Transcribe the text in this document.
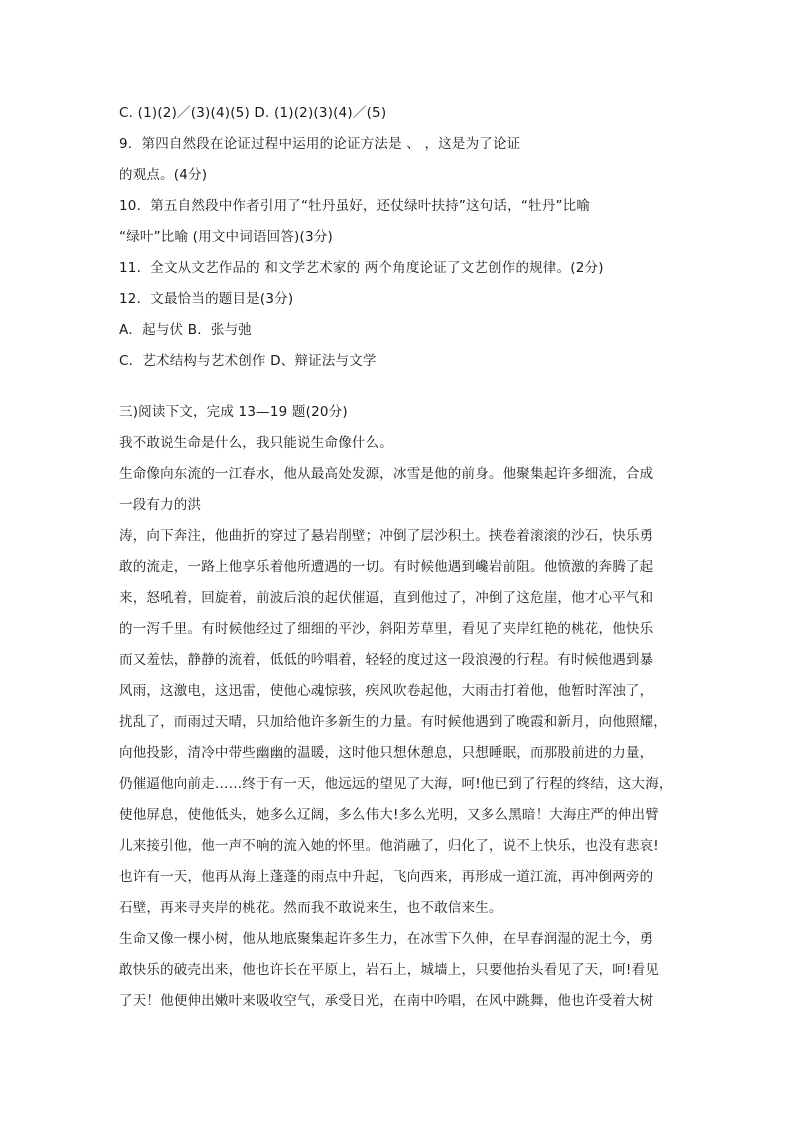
C. (1)(2)／(3)(4)(5) D. (1)(2)(3)(4)／(5)
9．第四自然段在论证过程中运用的论证方法是 、 ，这是为了论证
的观点。(4分)
10．第五自然段中作者引用了“牡丹虽好，还仗绿叶扶持”这句话，“牡丹”比喻
“绿叶”比喻 (用文中词语回答)(3分)
11．全文从文艺作品的 和文学艺术家的 两个角度论证了文艺创作的规律。(2分)
12．文最恰当的题目是(3分)
A．起与伏 B．张与弛
C．艺术结构与艺术创作 D、辩证法与文学
三)阅读下文，完成 13—19 题(20分)
我不敢说生命是什么，我只能说生命像什么。
生命像向东流的一江春水，他从最高处发源，冰雪是他的前身。他聚集起许多细流，合成
一段有力的洪
涛，向下奔注，他曲折的穿过了悬岩削壁；冲倒了层沙积土。挟卷着滚滚的沙石，快乐勇
敢的流走，一路上他享乐着他所遭遇的一切。有时候他遇到巉岩前阻。他愤激的奔腾了起
来，怒吼着，回旋着，前波后浪的起伏催逼，直到他过了，冲倒了这危崖，他才心平气和
的一泻千里。有时候他经过了细细的平沙，斜阳芳草里，看见了夹岸红艳的桃花，他快乐
而又羞怯，静静的流着，低低的吟唱着，轻轻的度过这一段浪漫的行程。有时候他遇到暴
风雨，这激电，这迅雷，使他心魂惊骇，疾风吹卷起他，大雨击打着他，他暂时浑浊了，
扰乱了，而雨过天晴，只加给他许多新生的力量。有时候他遇到了晚霞和新月，向他照耀，
向他投影，清冷中带些幽幽的温暖，这时他只想休憩息，只想睡眠，而那股前进的力量，
仍催逼他向前走……终于有一天，他远远的望见了大海，呵!他已到了行程的终结，这大海，
使他屏息，使他低头，她多么辽阔，多么伟大!多么光明，又多么黑暗！大海庄严的伸出臂
儿来接引他，他一声不响的流入她的怀里。他消融了，归化了，说不上快乐，也没有悲哀!
也许有一天，他再从海上蓬蓬的雨点中升起，飞向西来，再形成一道江流，再冲倒两旁的
石壁，再来寻夹岸的桃花。然而我不敢说来生，也不敢信来生。
生命又像一棵小树，他从地底聚集起许多生力，在冰雪下久伸，在早春润湿的泥土今，勇
敢快乐的破壳出来，他也许长在平原上，岩石上，城墙上，只要他抬头看见了天，呵!看见
了天！他便伸出嫩叶来吸收空气，承受日光，在南中吟唱，在风中跳舞，他也许受着大树
